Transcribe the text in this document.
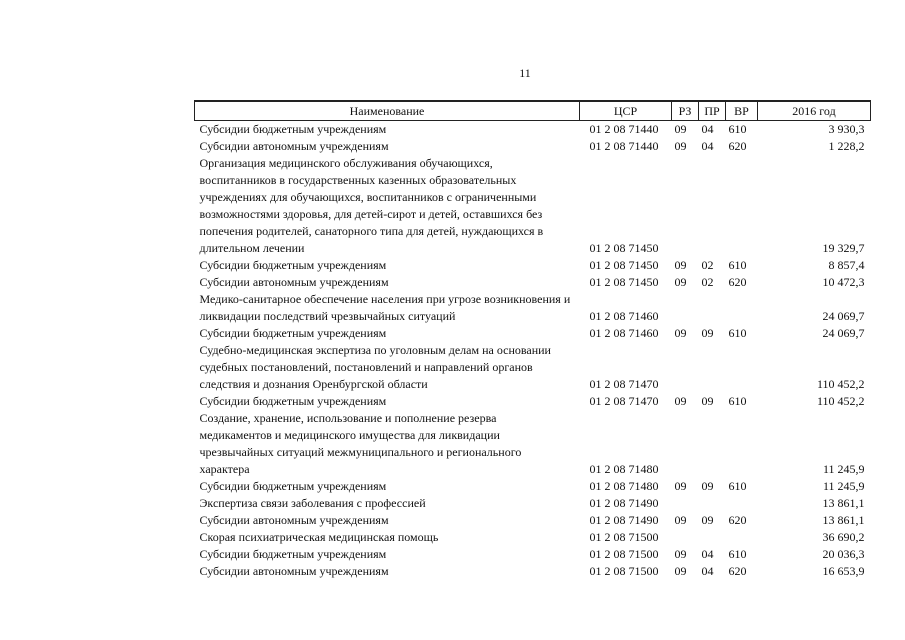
11
Наименование	ЦСР	РЗ	ПР	ВР	2016 год
Субсидии бюджетным учреждениям	01 2 08 71440	09	04	610	3 930,3
Субсидии автономным учреждениям	01 2 08 71440	09	04	620	1 228,2
Организация медицинского обслуживания обучающихся, воспитанников в государственных казенных образовательных учреждениях для обучающихся, воспитанников с ограниченными возможностями здоровья, для детей-сирот и детей, оставшихся без попечения родителей, санаторного типа для детей, нуждающихся в длительном лечении	01 2 08 71450				19 329,7
Субсидии бюджетным учреждениям	01 2 08 71450	09	02	610	8 857,4
Субсидии автономным учреждениям	01 2 08 71450	09	02	620	10 472,3
Медико-санитарное обеспечение населения при угрозе возникновения и ликвидации последствий чрезвычайных ситуаций	01 2 08 71460				24 069,7
Субсидии бюджетным учреждениям	01 2 08 71460	09	09	610	24 069,7
Судебно-медицинская экспертиза по уголовным делам на основании судебных постановлений, постановлений и направлений органов следствия и дознания Оренбургской области	01 2 08 71470				110 452,2
Субсидии бюджетным учреждениям	01 2 08 71470	09	09	610	110 452,2
Создание, хранение, использование и пополнение резерва медикаментов и медицинского имущества для ликвидации чрезвычайных ситуаций межмуниципального и регионального характера	01 2 08 71480				11 245,9
Субсидии бюджетным учреждениям	01 2 08 71480	09	09	610	11 245,9
Экспертиза связи заболевания с профессией	01 2 08 71490				13 861,1
Субсидии автономным учреждениям	01 2 08 71490	09	09	620	13 861,1
Скорая психиатрическая медицинская помощь	01 2 08 71500				36 690,2
Субсидии бюджетным учреждениям	01 2 08 71500	09	04	610	20 036,3
Субсидии автономным учреждениям	01 2 08 71500	09	04	620	16 653,9
